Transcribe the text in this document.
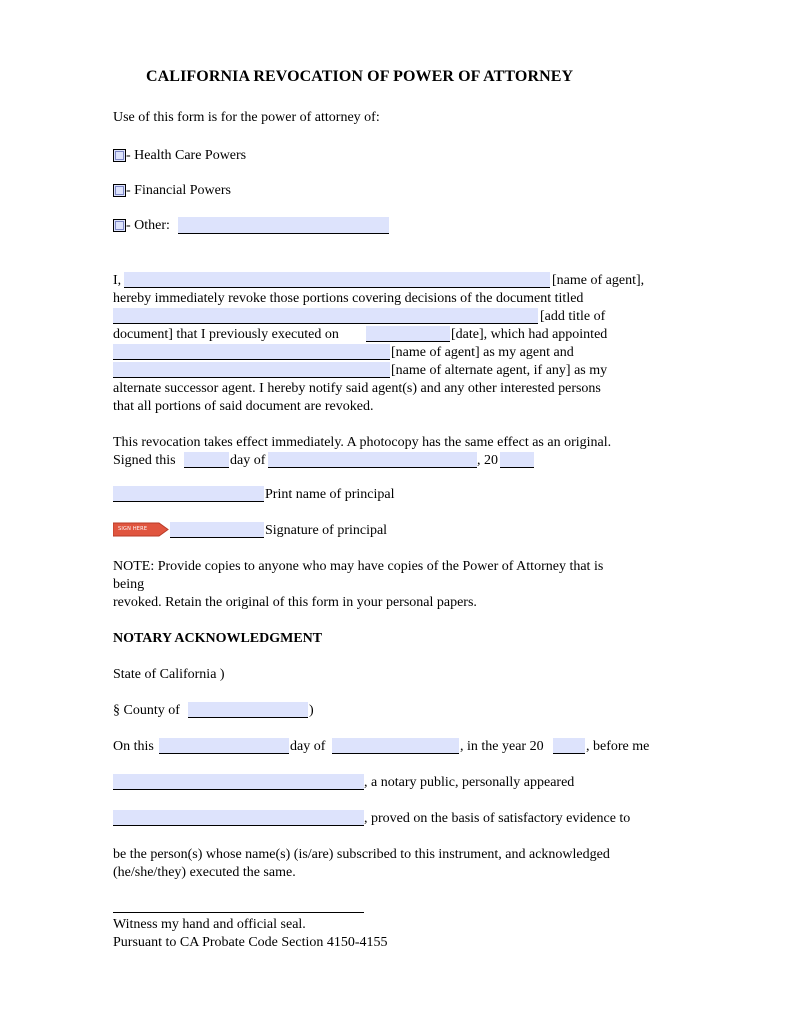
CALIFORNIA REVOCATION OF POWER OF ATTORNEY
Use of this form is for the power of attorney of:
- Health Care Powers
- Financial Powers
- Other:
I,	[name of agent],
hereby immediately revoke those portions covering decisions of the document titled
[add title of
document] that I previously executed on	[date], which had appointed
[name of agent] as my agent and
[name of alternate agent, if any] as my
alternate successor agent. I hereby notify said agent(s) and any other interested persons
that all portions of said document are revoked.
This revocation takes effect immediately. A photocopy has the same effect as an original.
Signed this	day of	, 20
Print name of principal
SIGN HERE	Signature of principal
NOTE: Provide copies to anyone who may have copies of the Power of Attorney that is
being
revoked. Retain the original of this form in your personal papers.
NOTARY ACKNOWLEDGMENT
State of California )
§ County of	)
On this	day of	, in the year 20	, before me
, a notary public, personally appeared
, proved on the basis of satisfactory evidence to
be the person(s) whose name(s) (is/are) subscribed to this instrument, and acknowledged
(he/she/they) executed the same.
Witness my hand and official seal.
Pursuant to CA Probate Code Section 4150-4155
